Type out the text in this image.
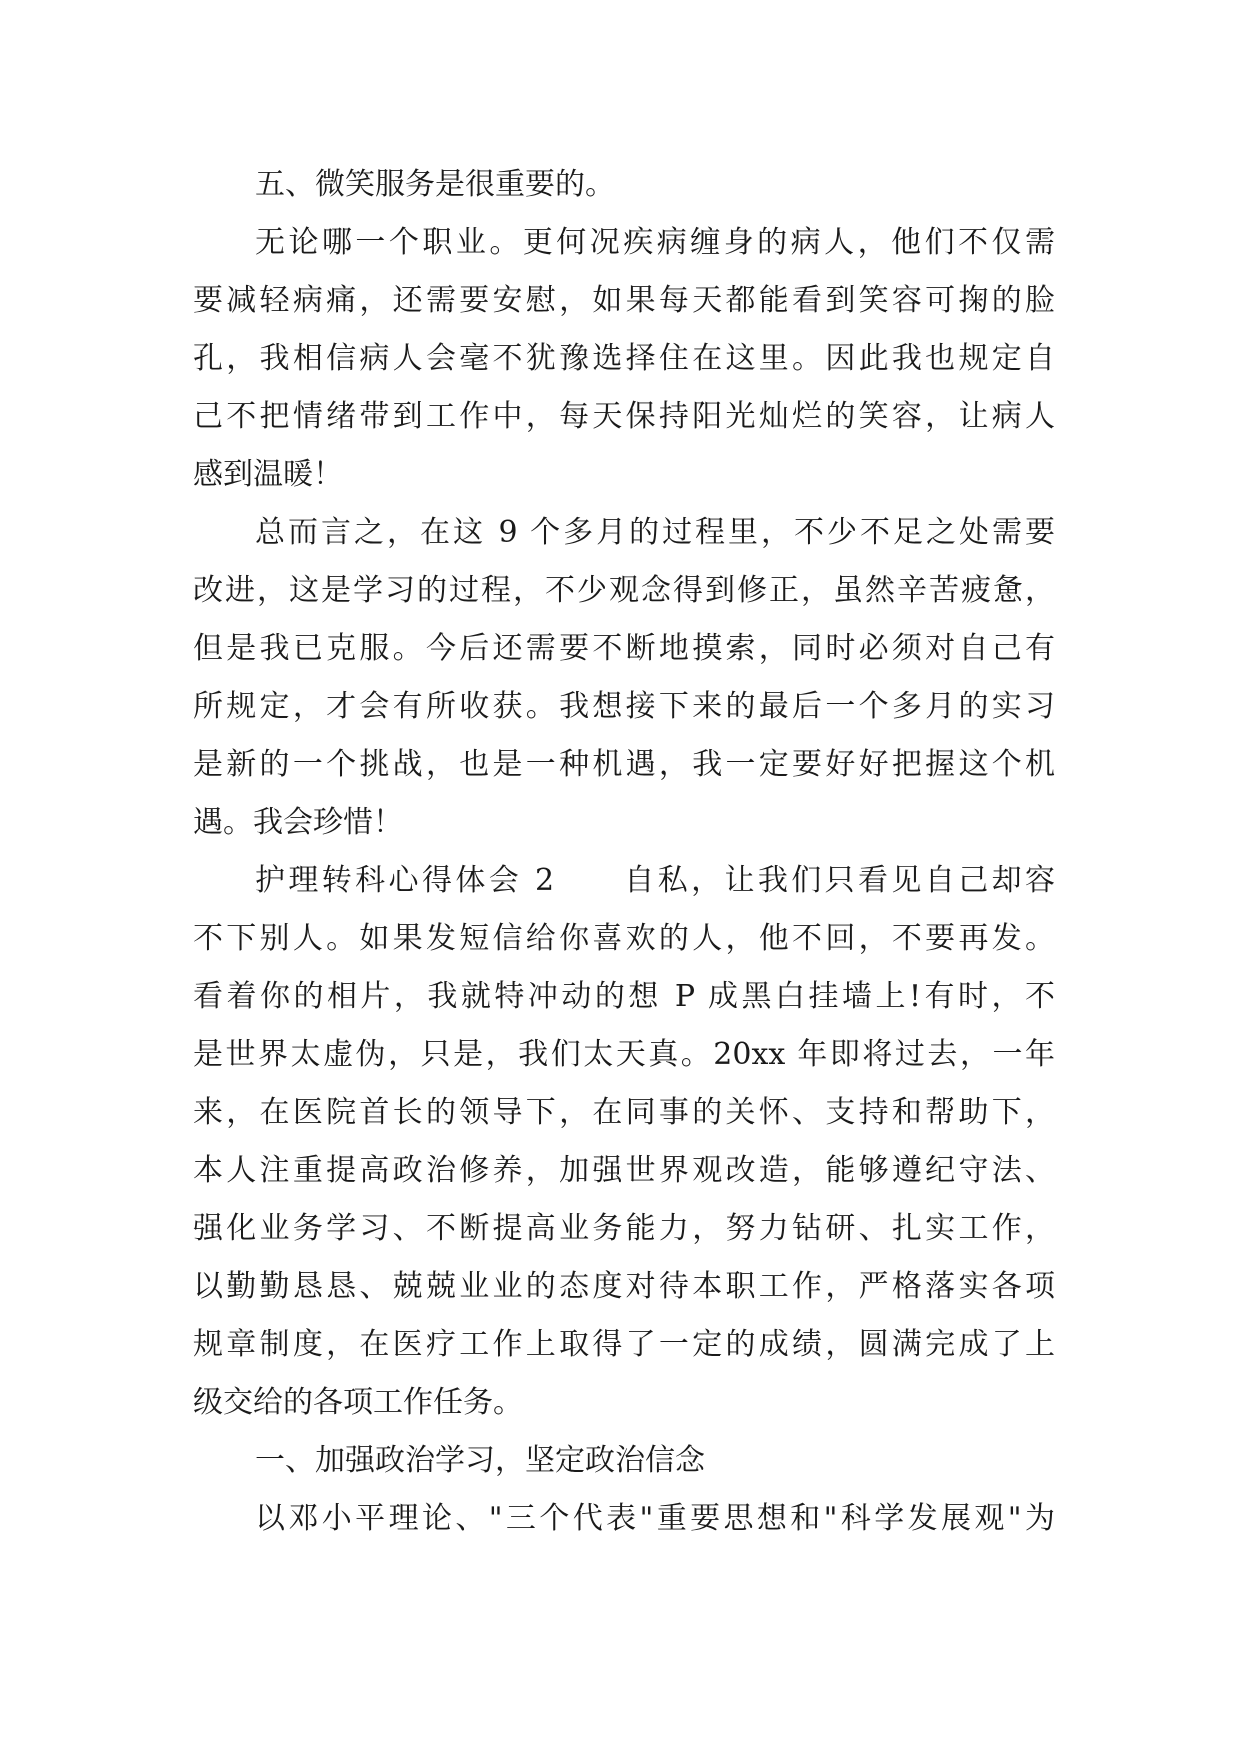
五、微笑服务是很重要的。
无论哪一个职业。更何况疾病缠身的病人，他们不仅需
要减轻病痛，还需要安慰，如果每天都能看到笑容可掬的脸
孔，我相信病人会毫不犹豫选择住在这里。因此我也规定自
己不把情绪带到工作中，每天保持阳光灿烂的笑容，让病人
感到温暖！
总而言之，在这 9 个多月的过程里，不少不足之处需要
改进，这是学习的过程，不少观念得到修正，虽然辛苦疲惫，
但是我已克服。今后还需要不断地摸索，同时必须对自己有
所规定，才会有所收获。我想接下来的最后一个多月的实习
是新的一个挑战，也是一种机遇，我一定要好好把握这个机
遇。我会珍惜！
护理转科心得体会 2　　自私，让我们只看见自己却容
不下别人。如果发短信给你喜欢的人，他不回，不要再发。
看着你的相片，我就特冲动的想 P 成黑白挂墙上!有时，不
是世界太虚伪，只是，我们太天真。20xx 年即将过去，一年
来，在医院首长的领导下，在同事的关怀、支持和帮助下，
本人注重提高政治修养，加强世界观改造，能够遵纪守法、
强化业务学习、不断提高业务能力，努力钻研、扎实工作，
以勤勤恳恳、兢兢业业的态度对待本职工作，严格落实各项
规章制度，在医疗工作上取得了一定的成绩，圆满完成了上
级交给的各项工作任务。
一、加强政治学习，坚定政治信念
以邓小平理论、"三个代表"重要思想和"科学发展观"为
